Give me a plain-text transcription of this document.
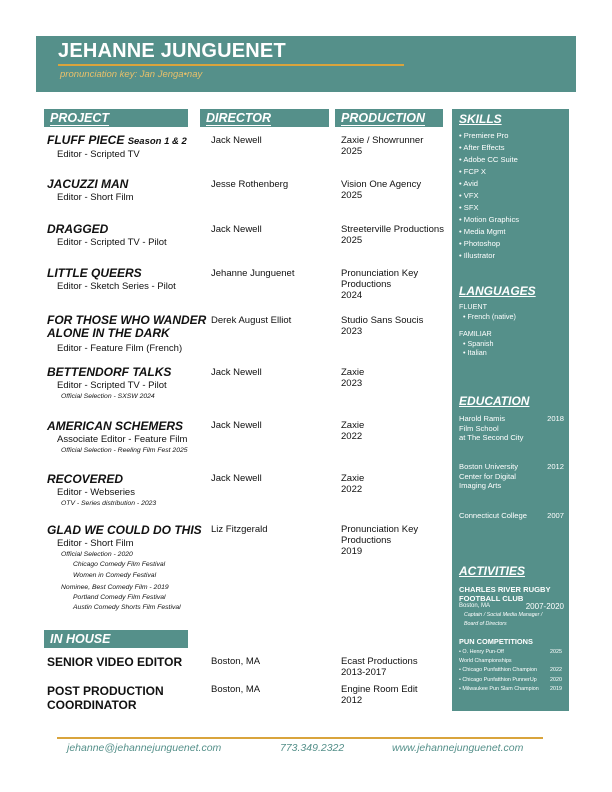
JEHANNE JUNGUENET
pronunciation key: Jan Jenga•nay
PROJECT	DIRECTOR	PRODUCTION
FLUFF PIECE Season 1 & 2
Editor - Scripted TV
Jack Newell	Zaxie / Showrunner
2025
JACUZZI MAN
Editor - Short Film
Jesse Rothenberg	Vision One Agency
2025
DRAGGED
Editor - Scripted TV - Pilot
Jack Newell	Streeterville Productions
2025
LITTLE QUEERS
Editor - Sketch Series - Pilot
Jehanne Junguenet	Pronunciation Key
Productions
2024
FOR THOSE WHO WANDER ALONE IN THE DARK
Editor - Feature Film (French)
Derek August Elliot	Studio Sans Soucis
2023
BETTENDORF TALKS
Editor - Scripted TV - Pilot
Official Selection - SXSW 2024
Jack Newell	Zaxie
2023
AMERICAN SCHEMERS
Associate Editor - Feature Film
Official Selection - Reeling Film Fest 2025
Jack Newell	Zaxie
2022
RECOVERED
Editor - Webseries
OTV - Series distribution - 2023
Jack Newell	Zaxie
2022
GLAD WE COULD DO THIS
Editor - Short Film
Official Selection - 2020
Chicago Comedy Film Festival
Women in Comedy Festival
Nominee, Best Comedy Film - 2019
Portland Comedy Film Festival
Austin Comedy Shorts Film Festival
Liz Fitzgerald	Pronunciation Key
Productions
2019
IN HOUSE
SENIOR VIDEO EDITOR	Boston, MA	Ecast Productions
2013-2017
POST PRODUCTION COORDINATOR
Boston, MA	Engine Room Edit
2012
SKILLS
• Premiere Pro
• After Effects
• Adobe CC Suite
• FCP X
• Avid
• VFX
• SFX
• Motion Graphics
• Media Mgmt
• Photoshop
• Illustrator
LANGUAGES
FLUENT
• French (native)
FAMILIAR
• Spanish
• Italian
EDUCATION
Harold Ramis
Film School
at The Second City
2018
Boston University
Center for Digital
Imaging Arts
2012
Connecticut College	2007
ACTIVITIES
CHARLES RIVER RUGBY FOOTBALL CLUB
Boston, MA	2007-2020
Captain / Social Media Manager /
Board of Directors
PUN COMPETITIONS
• O. Henry Pun-Off	2025
World Championships
• Chicago Punfatthion Champion 2022
• Chicago Punfatthion PunnerUp 2020
• Milwaukee Pun Slam Champion 2019
jehanne@jehannejunguenet.com	773.349.2322	www.jehannejunguenet.com
